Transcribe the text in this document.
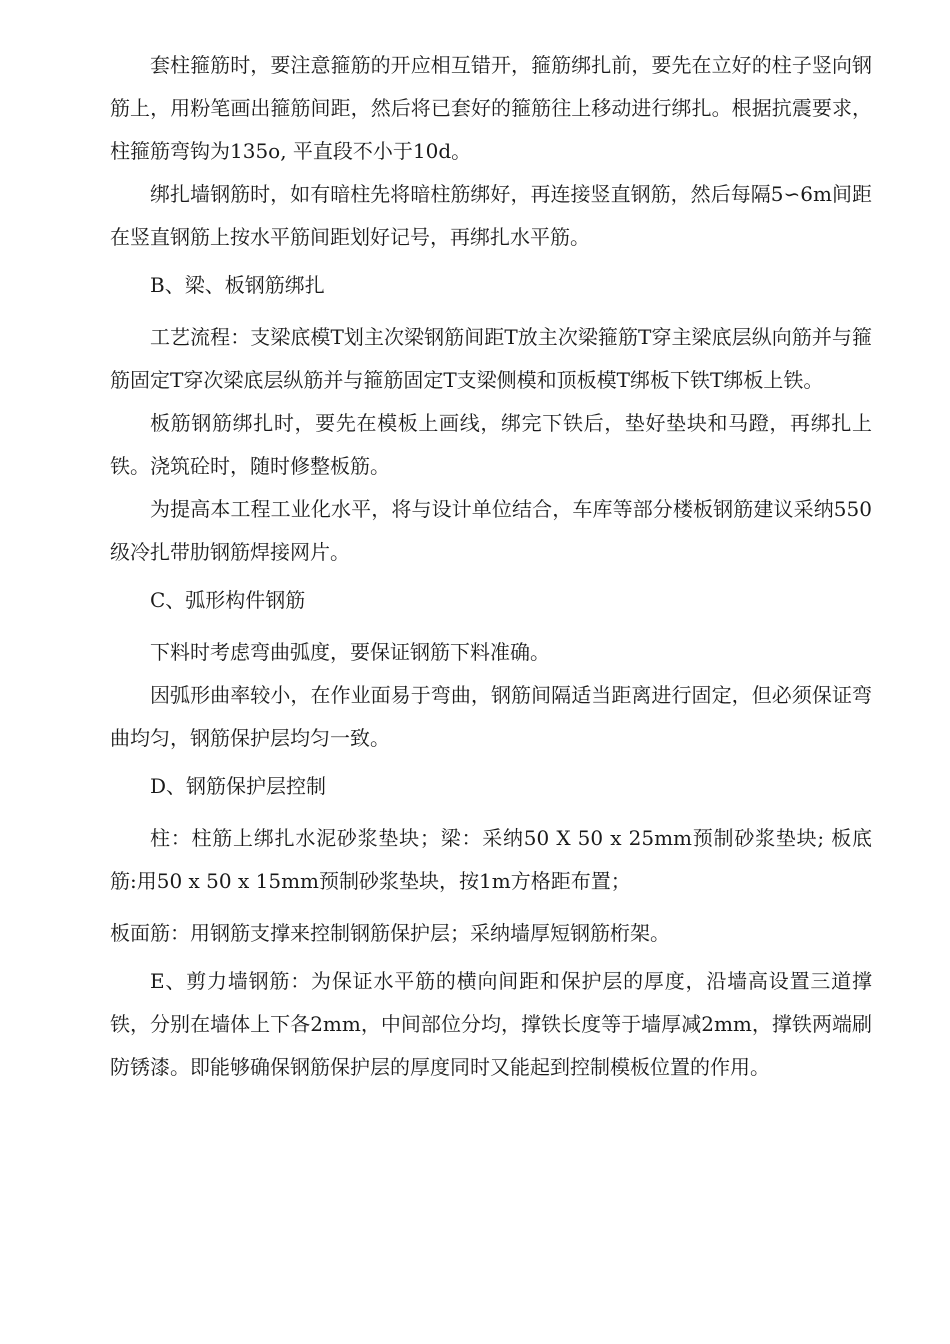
套柱箍筋时，要注意箍筋的开应相互错开，箍筋绑扎前，要先在立好的柱子竖向钢筋上，用粉笔画出箍筋间距，然后将已套好的箍筋往上移动进行绑扎。根据抗震要求，柱箍筋弯钩为135o, 平直段不小于10d。

绑扎墙钢筋时，如有暗柱先将暗柱筋绑好，再连接竖直钢筋，然后每隔5∽6m间距在竖直钢筋上按水平筋间距划好记号，再绑扎水平筋。

B、梁、板钢筋绑扎

工艺流程：支梁底模T划主次梁钢筋间距T放主次梁箍筋T穿主梁底层纵向筋并与箍筋固定T穿次梁底层纵筋并与箍筋固定T支梁侧模和顶板模T绑板下铁T绑板上铁。

板筋钢筋绑扎时，要先在模板上画线，绑完下铁后，垫好垫块和马蹬，再绑扎上铁。浇筑砼时，随时修整板筋。

为提高本工程工业化水平，将与设计单位结合，车库等部分楼板钢筋建议采纳550级冷扎带肋钢筋焊接网片。

C、弧形构件钢筋

下料时考虑弯曲弧度，要保证钢筋下料准确。

因弧形曲率较小，在作业面易于弯曲，钢筋间隔适当距离进行固定，但必须保证弯曲均匀，钢筋保护层均匀一致。

D、钢筋保护层控制

柱：柱筋上绑扎水泥砂浆垫块；梁：采纳50 X 50 x 25mm预制砂浆垫块; 板底筋:用50 x 50 x 15mm预制砂浆垫块，按1m方格距布置；

板面筋：用钢筋支撑来控制钢筋保护层；采纳墙厚短钢筋桁架。

E、剪力墙钢筋：为保证水平筋的横向间距和保护层的厚度，沿墙高设置三道撑铁，分别在墙体上下各2mm，中间部位分均，撑铁长度等于墙厚减2mm，撑铁两端刷防锈漆。即能够确保钢筋保护层的厚度同时又能起到控制模板位置的作用。
